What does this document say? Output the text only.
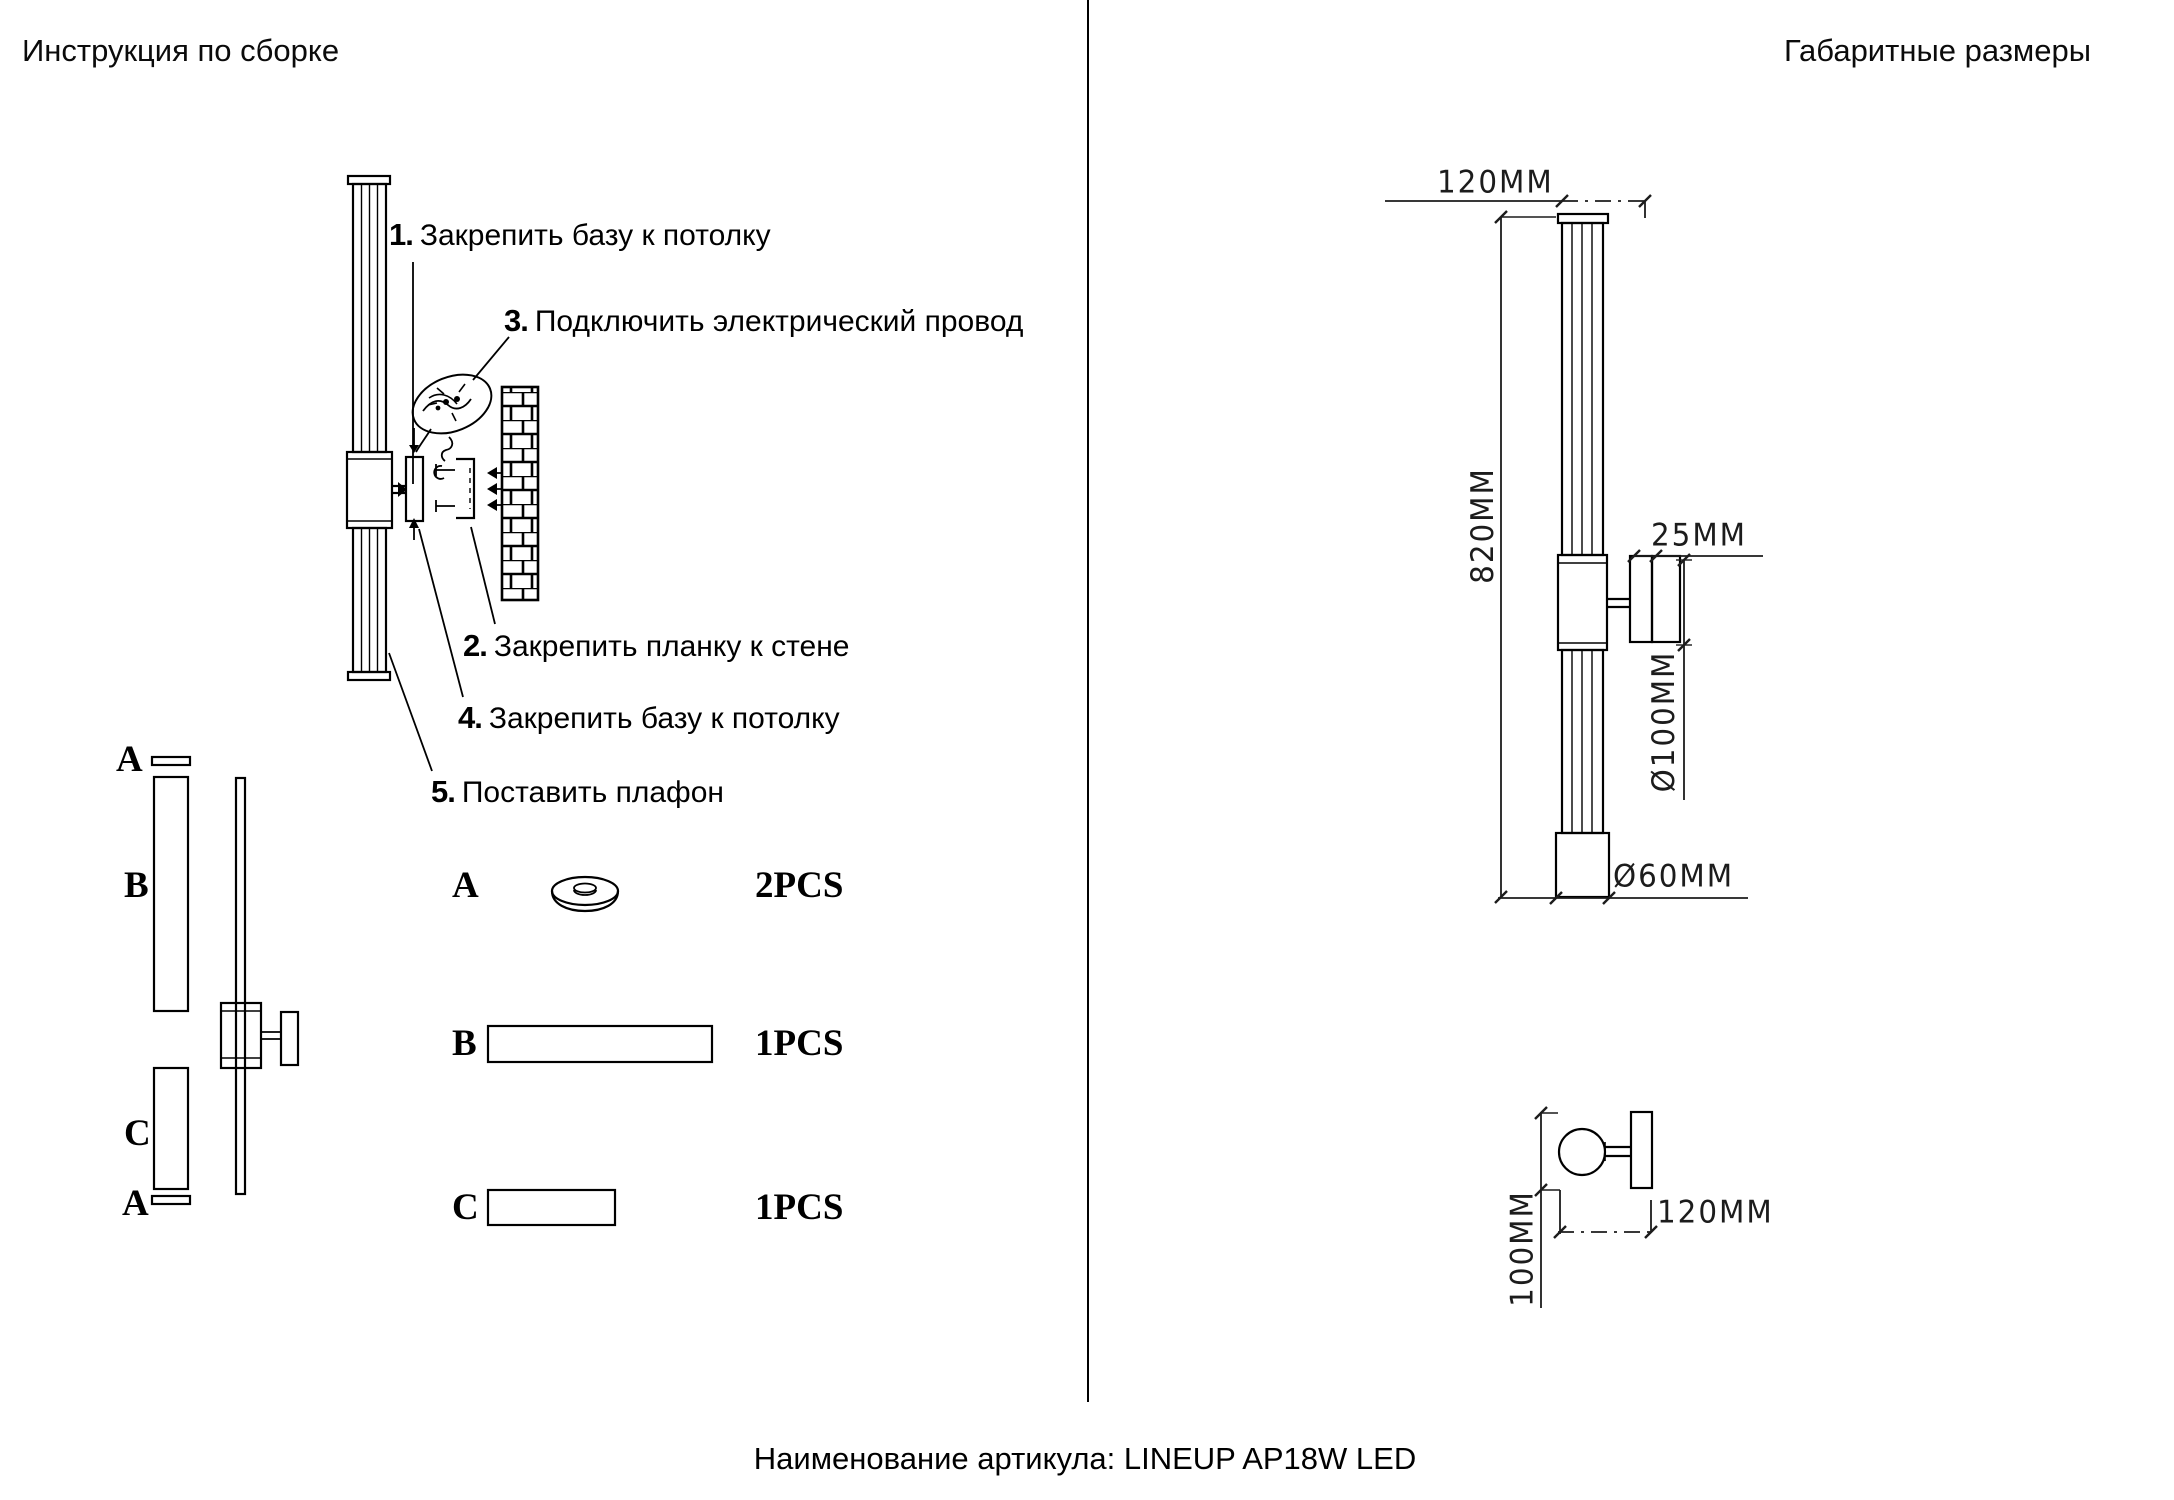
Инструкция по сборке	Габаритные размеры
1. Закрепить базу к потолку
3. Подключить электрический провод
2. Закрепить планку к стене
4. Закрепить базу к потолку
5. Поставить плафон
A
B
C
A
A	2PCS
B	1PCS
C	1PCS
120MM
820MM	25MM
Ø100MM
Ø60MM
100MM	120MM
Наименование артикула: LINEUP AP18W LED
